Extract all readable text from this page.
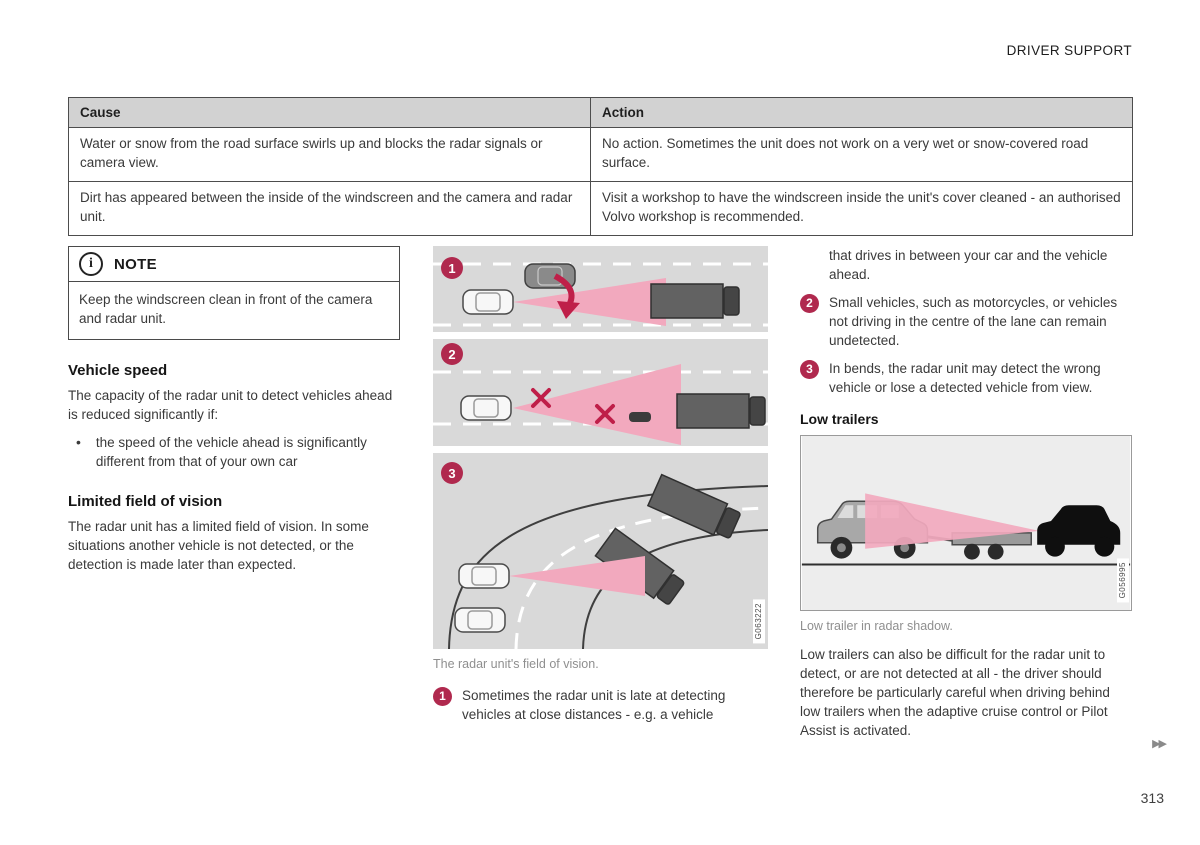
DRIVER SUPPORT
Cause	Action
Water or snow from the road surface swirls up and blocks the radar signals or camera view.	No action. Sometimes the unit does not work on a very wet or snow-covered road surface.
Dirt has appeared between the inside of the windscreen and the camera and radar unit.	Visit a workshop to have the windscreen inside the unit's cover cleaned - an authorised Volvo workshop is recommended.
i NOTE
Keep the windscreen clean in front of the camera and radar unit.
Vehicle speed

The capacity of the radar unit to detect vehicles ahead is reduced significantly if:

• the speed of the vehicle ahead is significantly different from that of your own car

Limited field of vision

The radar unit has a limited field of vision. In some situations another vehicle is not detected, or the detection is made later than expected.

1
2
3
G063222
The radar unit's field of vision.
1	Sometimes the radar unit is late at detecting vehicles at close distances - e.g. a vehicle

that drives in between your car and the vehicle ahead.

2	Small vehicles, such as motorcycles, or vehicles not driving in the centre of the lane can remain undetected.

3	In bends, the radar unit may detect the wrong vehicle or lose a detected vehicle from view.

Low trailers
G056995
Low trailer in radar shadow.

Low trailers can also be difficult for the radar unit to detect, or are not detected at all - the driver should therefore be particularly careful when driving behind low trailers when the adaptive cruise control or Pilot Assist is activated.

▶▶
313
